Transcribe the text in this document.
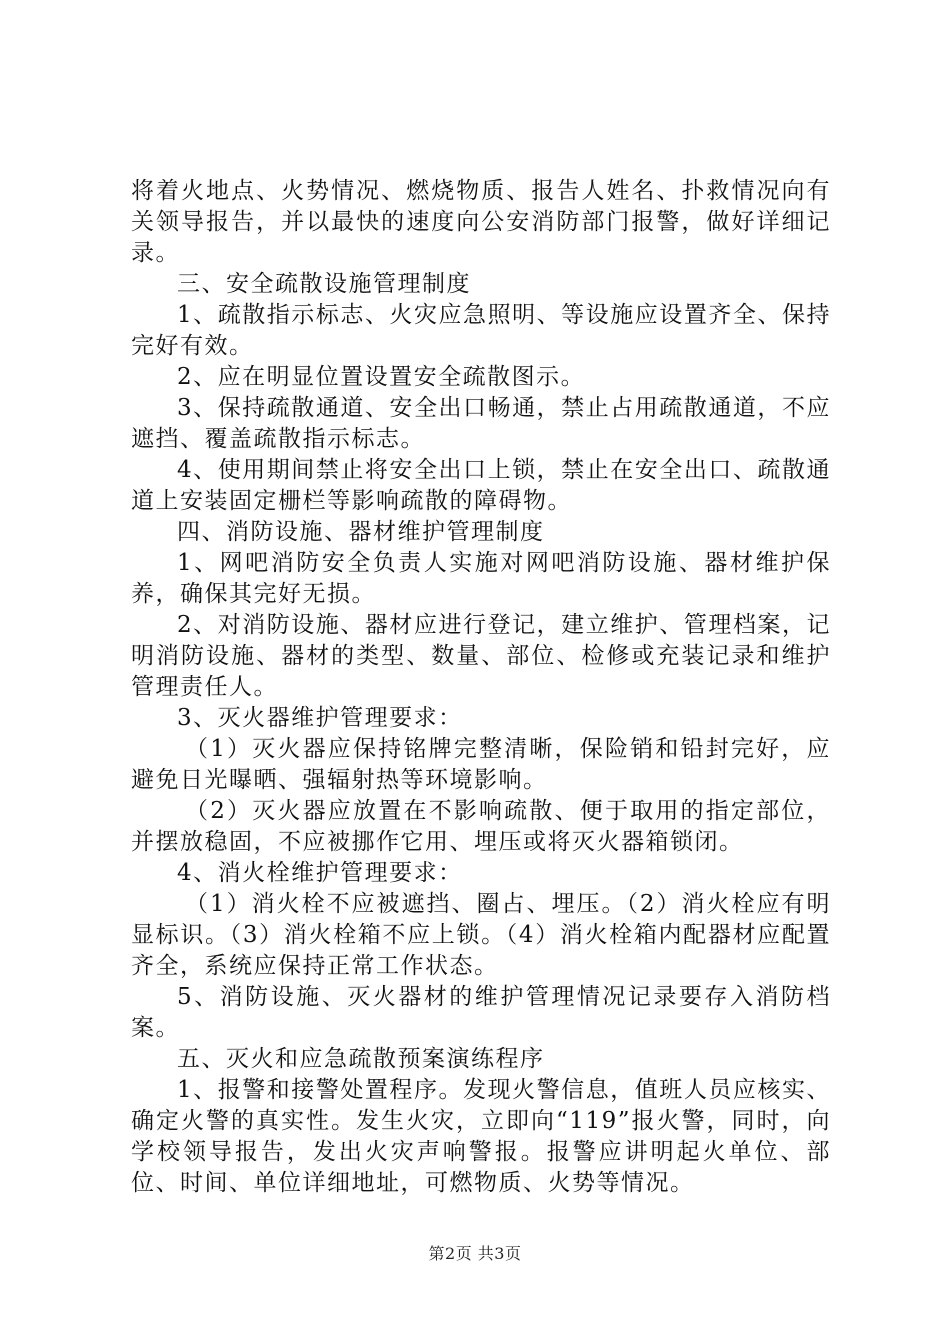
将着火地点、火势情况、燃烧物质、报告人姓名、扑救情况向有关领导报告，并以最快的速度向公安消防部门报警，做好详细记录。

三、安全疏散设施管理制度

1、疏散指示标志、火灾应急照明、等设施应设置齐全、保持完好有效。

2、应在明显位置设置安全疏散图示。

3、保持疏散通道、安全出口畅通，禁止占用疏散通道，不应遮挡、覆盖疏散指示标志。

4、使用期间禁止将安全出口上锁，禁止在安全出口、疏散通道上安装固定栅栏等影响疏散的障碍物。

四、消防设施、器材维护管理制度

1、网吧消防安全负责人实施对网吧消防设施、器材维护保养，确保其完好无损。

2、对消防设施、器材应进行登记，建立维护、管理档案，记明消防设施、器材的类型、数量、部位、检修或充装记录和维护管理责任人。

3、灭火器维护管理要求：

（1）灭火器应保持铭牌完整清晰，保险销和铅封完好，应避免日光曝晒、强辐射热等环境影响。

（2）灭火器应放置在不影响疏散、便于取用的指定部位，并摆放稳固，不应被挪作它用、埋压或将灭火器箱锁闭。

4、消火栓维护管理要求：

（1）消火栓不应被遮挡、圈占、埋压。（2）消火栓应有明显标识。（3）消火栓箱不应上锁。（4）消火栓箱内配器材应配置齐全，系统应保持正常工作状态。

5、消防设施、灭火器材的维护管理情况记录要存入消防档案。

五、灭火和应急疏散预案演练程序

1、报警和接警处置程序。发现火警信息，值班人员应核实、确定火警的真实性。发生火灾，立即向“119”报火警，同时，向学校领导报告，发出火灾声响警报。报警应讲明起火单位、部位、时间、单位详细地址，可燃物质、火势等情况。

第2页 共3页
